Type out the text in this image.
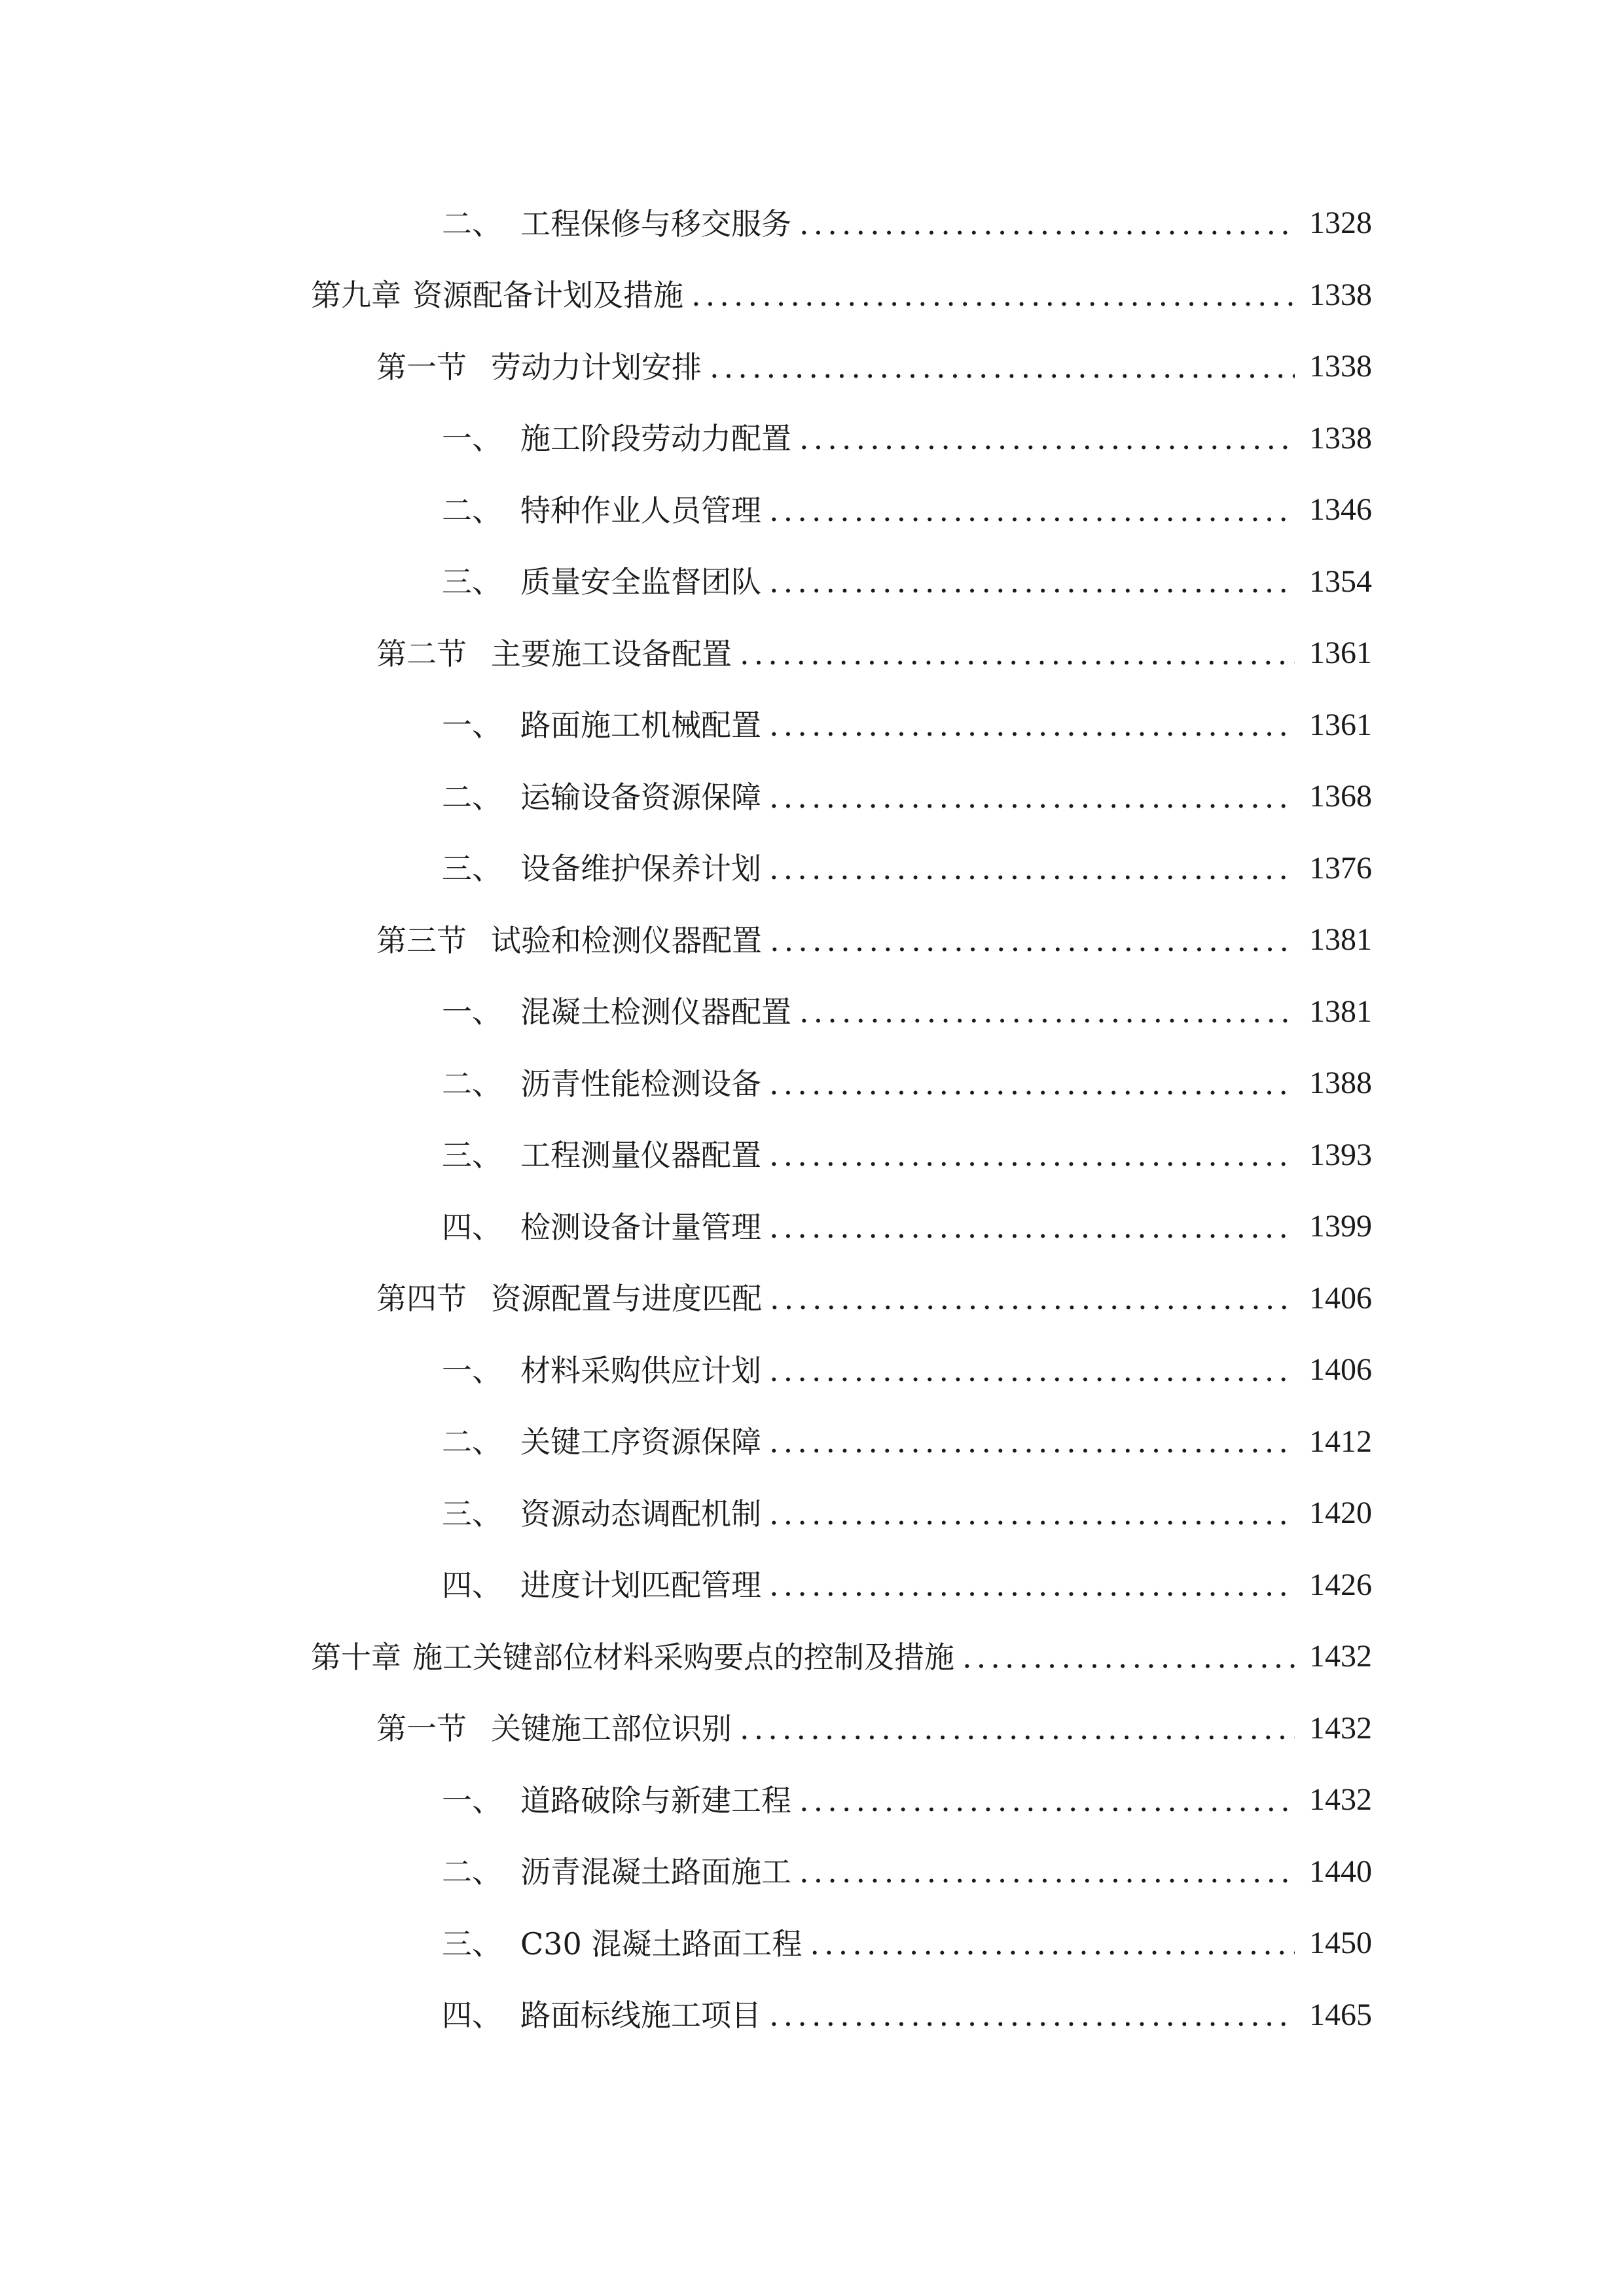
二、 工程保修与移交服务 .....	1328
第九章 资源配备计划及措施 .....	1338
第一节 劳动力计划安排 .....	1338
一、 施工阶段劳动力配置 .....	1338
二、 特种作业人员管理 .....	1346
三、 质量安全监督团队 .....	1354
第二节 主要施工设备配置 .....	1361
一、 路面施工机械配置 .....	1361
二、 运输设备资源保障 .....	1368
三、 设备维护保养计划 .....	1376
第三节 试验和检测仪器配置 .....	1381
一、 混凝土检测仪器配置 .....	1381
二、 沥青性能检测设备 .....	1388
三、 工程测量仪器配置 .....	1393
四、 检测设备计量管理 .....	1399
第四节 资源配置与进度匹配 .....	1406
一、 材料采购供应计划 .....	1406
二、 关键工序资源保障 .....	1412
三、 资源动态调配机制 .....	1420
四、 进度计划匹配管理 .....	1426
第十章 施工关键部位材料采购要点的控制及措施 .....	1432
第一节 关键施工部位识别 .....	1432
一、 道路破除与新建工程 .....	1432
二、 沥青混凝土路面施工 .....	1440
三、 C30 混凝土路面工程 .....	1450
四、 路面标线施工项目 .....	1465
